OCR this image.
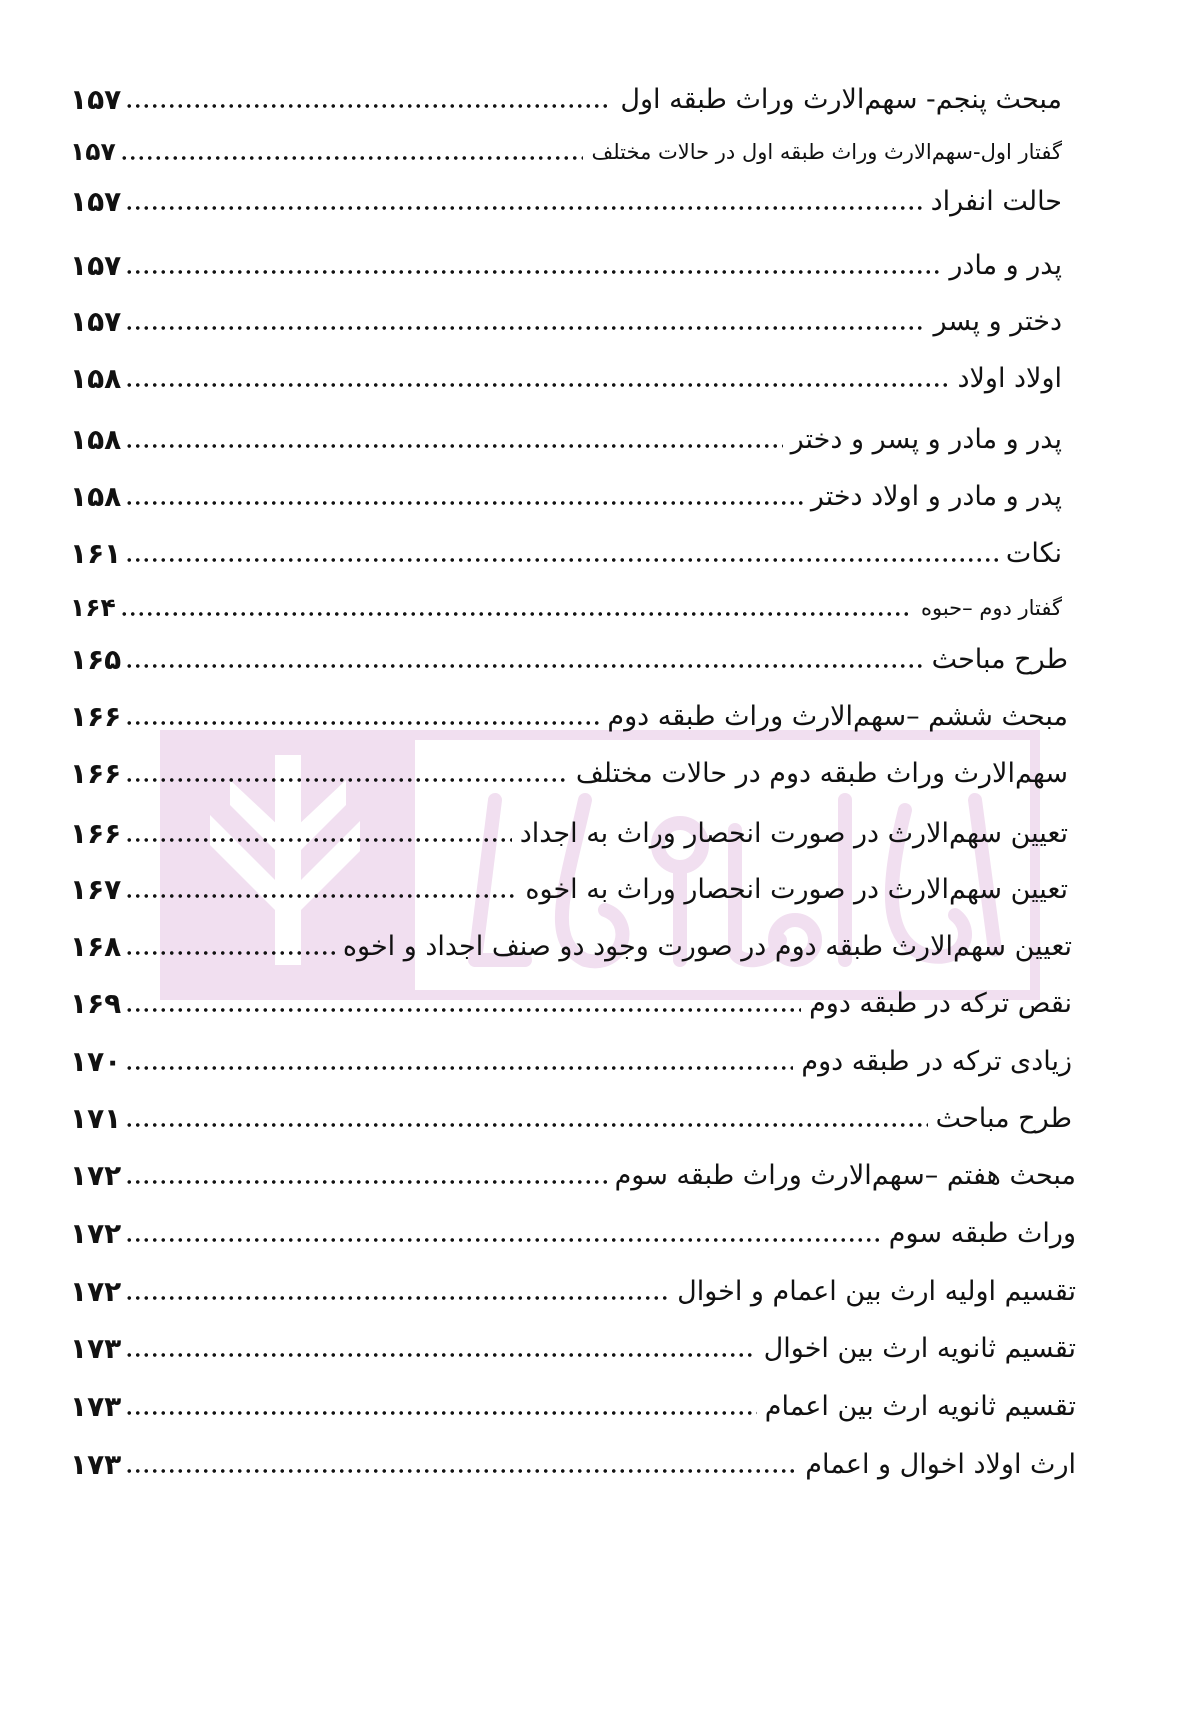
۱۵۷	مبحث پنجم- سهم‌الارث وراث طبقه اول
۱۵۷	گفتار اول-سهم‌الارث وراث طبقه اول در حالات مختلف
۱۵۷	حالت انفراد
۱۵۷	پدر و مادر
۱۵۷	دختر و پسر
۱۵۸	اولاد اولاد
۱۵۸	پدر و مادر و پسر و دختر
۱۵۸	پدر و مادر و اولاد دختر
۱۶۱	نکات
۱۶۴	گفتار دوم –حبوه
۱۶۵	طرح مباحث
۱۶۶	مبحث ششم –سهم‌الارث وراث طبقه دوم
۱۶۶	سهم‌الارث وراث طبقه دوم در حالات مختلف
۱۶۶	تعیین سهم‌الارث در صورت انحصار وراث به اجداد
۱۶۷	تعیین سهم‌الارث در صورت انحصار وراث به اخوه
۱۶۸	تعیین سهم‌الارث طبقه دوم در صورت وجود دو صنف اجداد و اخوه
۱۶۹	نقص ترکه در طبقه دوم
۱۷۰	زیادی ترکه در طبقه دوم
۱۷۱	طرح مباحث
۱۷۲	مبحث هفتم –سهم‌الارث وراث طبقه سوم
۱۷۲	وراث طبقه سوم
۱۷۲	تقسیم اولیه ارث بین اعمام و اخوال
۱۷۳	تقسیم ثانویه ارث بین اخوال
۱۷۳	تقسیم ثانویه ارث بین اعمام
۱۷۳	ارث اولاد اخوال و اعمام
